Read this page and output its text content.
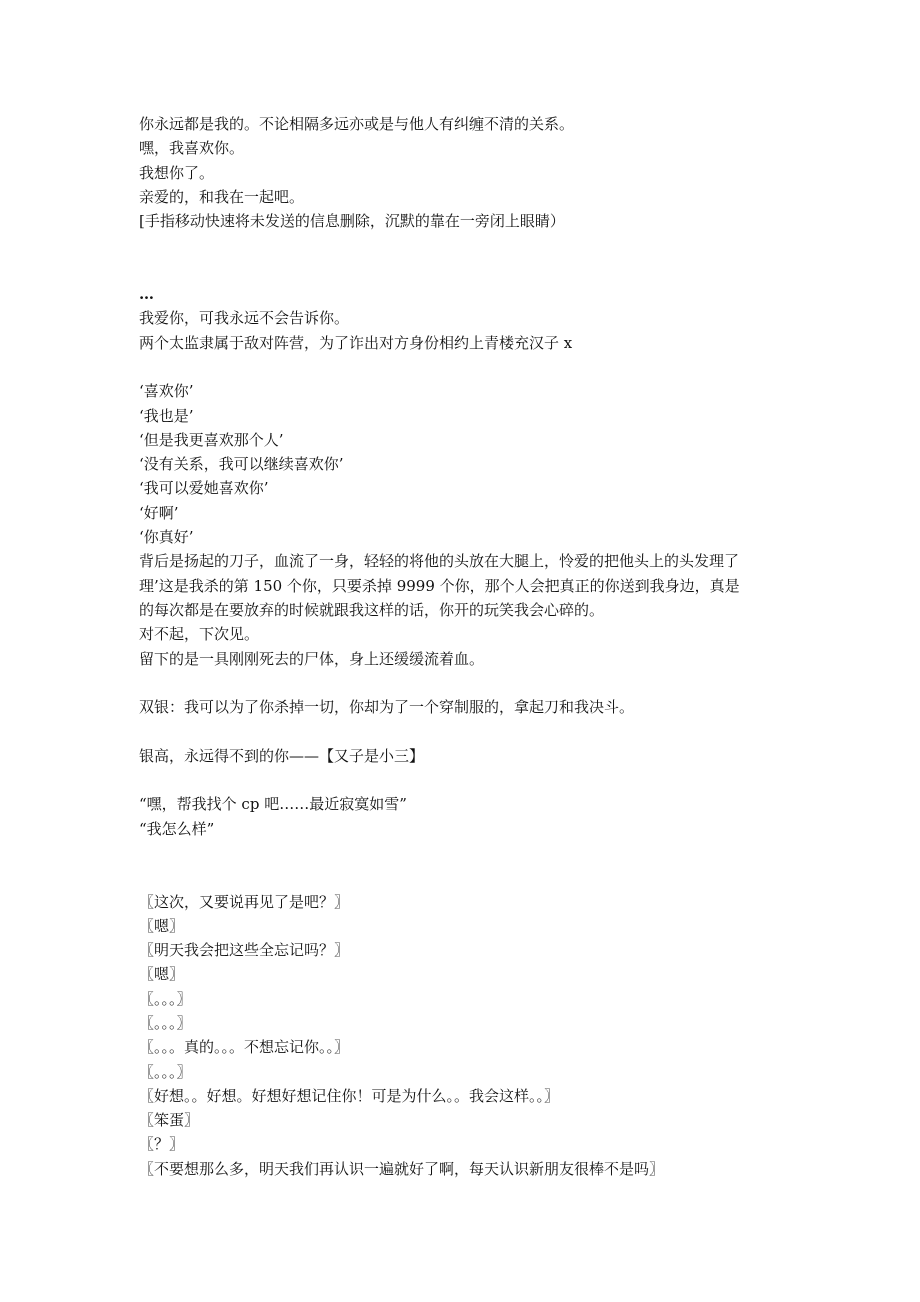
你永远都是我的。不论相隔多远亦或是与他人有纠缠不清的关系。
嘿，我喜欢你。
我想你了。
亲爱的，和我在一起吧。
[手指移动快速将未发送的信息删除，沉默的靠在一旁闭上眼睛）
…
我爱你，可我永远不会告诉你。
两个太监隶属于敌对阵营，为了诈出对方身份相约上青楼充汉子 x
‘喜欢你’
‘我也是’
‘但是我更喜欢那个人’
‘没有关系，我可以继续喜欢你’
‘我可以爱她喜欢你’
‘好啊’
‘你真好’
背后是扬起的刀子，血流了一身，轻轻的将他的头放在大腿上，怜爱的把他头上的头发理了
理’这是我杀的第 150 个你，只要杀掉 9999 个你，那个人会把真正的你送到我身边，真是
的每次都是在要放弃的时候就跟我这样的话，你开的玩笑我会心碎的。
对不起，下次见。
留下的是一具刚刚死去的尸体，身上还缓缓流着血。
双银：我可以为了你杀掉一切，你却为了一个穿制服的，拿起刀和我决斗。
银高，永远得不到的你——【又子是小三】
“嘿，帮我找个 cp 吧……最近寂寞如雪”
“我怎么样”
〖这次，又要说再见了是吧？〗
〖嗯〗
〖明天我会把这些全忘记吗？〗
〖嗯〗
〖。。。〗
〖。。。〗
〖。。。真的。。。不想忘记你。。〗
〖。。。〗
〖好想。。好想。好想好想记住你！可是为什么。。我会这样。。〗
〖笨蛋〗
〖？〗
〖不要想那么多，明天我们再认识一遍就好了啊，每天认识新朋友很棒不是吗〗
